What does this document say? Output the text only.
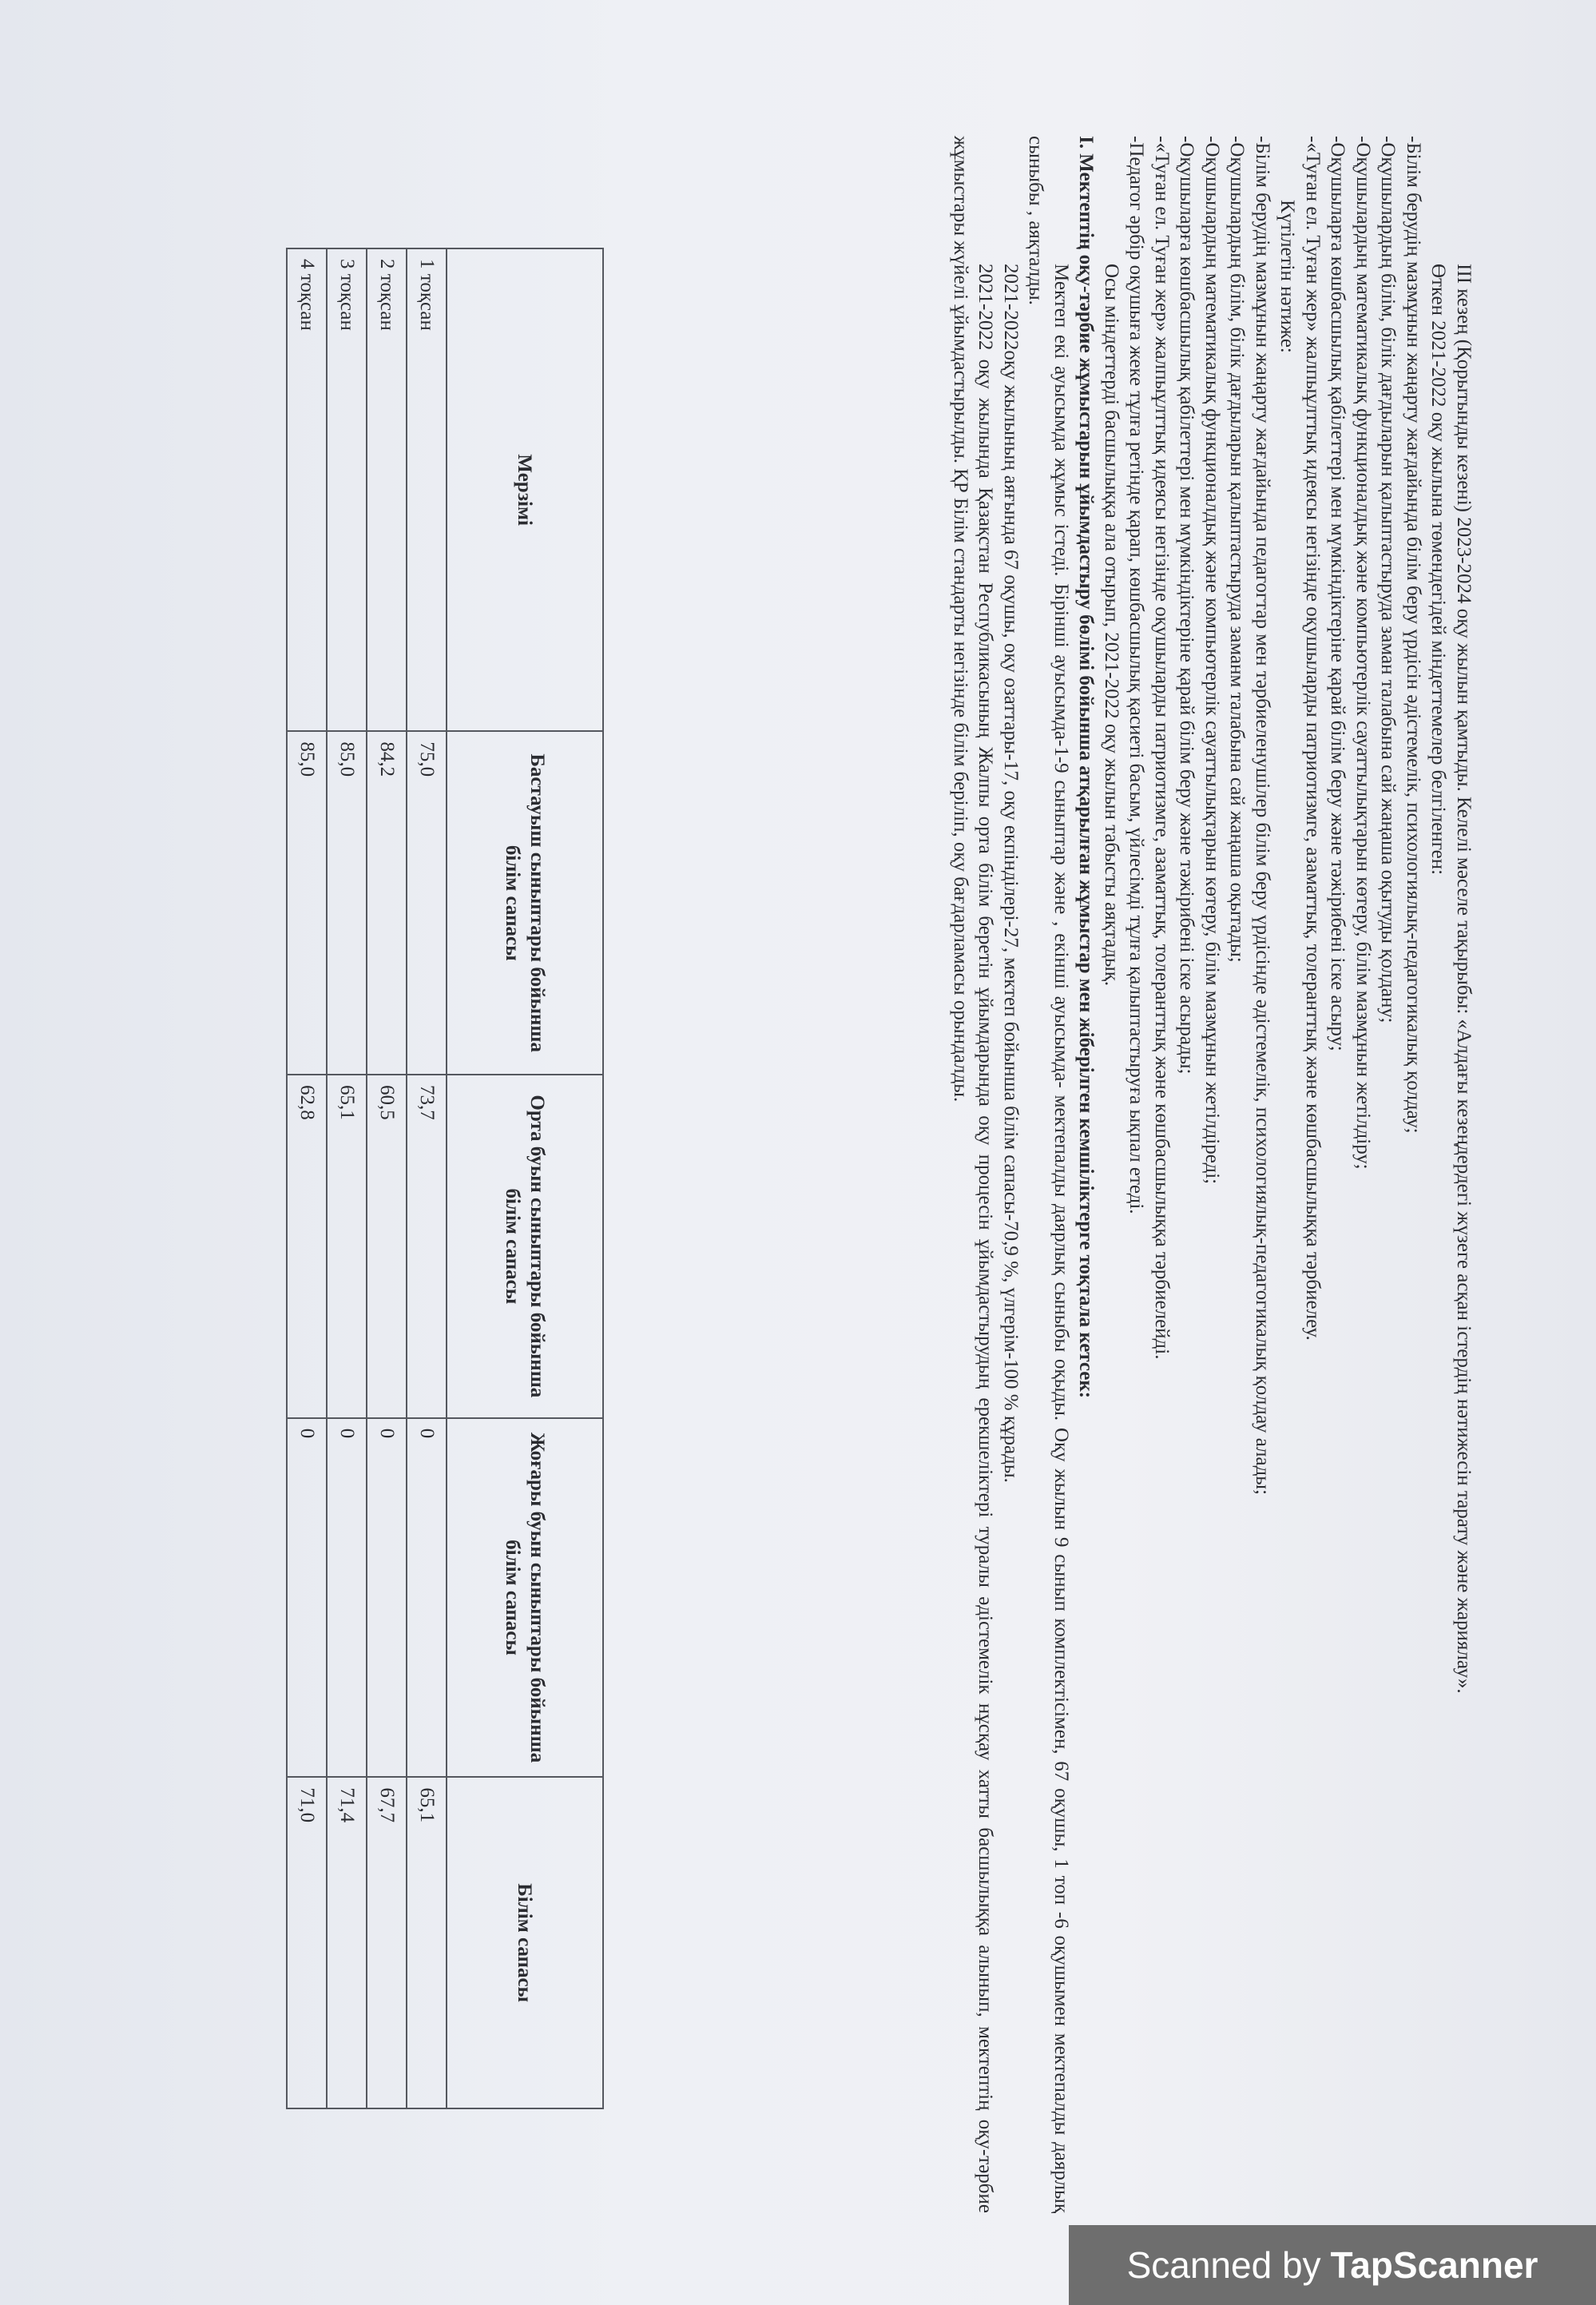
ІІІ кезең (Қорытынды кезені) 2023-2024 оқу жылын қамтыды. Келелі мәселе тақырыбы: «Алдағы кезеңдердегі жүзеге асқан істердің нәтижесін тарату және жариялау».

Өткен 2021-2022 оқу жылына төмендегідей міндеттемелер белгіленген:

-Білім берудің мазмұнын жаңарту жағдайында білім беру үрдісін әдістемелік, психологиялық-педагогикалық қолдау;

-Оқушылардың білім, білік дағдыларын қалыптастыруда заман талабына сай жаңаша оқытуды қолдану;

-Оқушылардың математикалық функционалдық және компьютерлік сауаттылықтарын көтеру, білім мазмұнын жетілдіру;

-Оқушыларға көшбасшылық қабілеттері мен мүмкіндіктеріне қарай білім беру және тәжірибені іске асыру;

-«Туған ел. Туған жер» жалпыұлттық идеясы негізінде оқушыларды патриотизмге, азаматтық, толеранттық және көшбасшылыққа тәрбиелеу.

Күтілетін нәтиже:

-Білім берудің мазмұнын жаңарту жағдайында педагогтар мен тәрбиеленушілер білім беру үрдісінде әдістемелік, психологиялық-педагогикалық қолдау алады;

-Оқушылардың білім, білік дағдыларын қалыптастыруда заманм талабына сай жаңаша оқытады;

-Оқушылардың математикалық функционалдық және компьютерлік сауаттылықтарын көтеру, білім мазмұнын жетілдіреді;

-Оқушыларға көшбасшылық қабілеттері мен мүмкіндіктеріне қарай білім беру және тәжірибені іске асырады;

-«Туған ел. Туған жер» жалпыұлттық идеясы негізінде оқушыларды патриотизмге, азаматтық, толеранттық және көшбасшылыққа тәрбиелейді.

-Педагог әрбір оқушыға жеке тұлға ретінде қарап, көшбасшылық қасиеті басым, үйлесімді тұлға қалыптастыруға ықпал етеді.

Осы міндеттерді басшылыққа ала отырып, 2021-2022 оқу жылын табысты аяқтадық.

І. Мектептің оқу-тәрбие жұмыстарын ұйымдастыру бөлімі бойынша атқарылған жұмыстар мен жіберілген кемшіліктерге тоқтала кетсек:

Мектеп екі ауысымда жұмыс істеді. Бірінші ауысымда-1-9 сыныптар және , екінші ауысымда- мектепалды даярлық сыныбы оқыды. Оқу жылын 9 сынып комплектісімен, 67 оқушы, 1 топ -6 оқушымен мектепалды даярлық сыныбы , аяқталды.

2021-2022оқу жылының аяғында 67 оқушы, оқу озаттары-17, оқу екпінділері-27, мектеп бойынша білім сапасы-70,9 %, үлгерім-100 % құрады.

2021-2022 оқу жылында Қазақстан Республикасының Жалпы орта білім беретін ұйымдарында оқу процесін ұйымдастырудың ерекшеліктері туралы әдістемелік нұсқау хатты басшылыққа алынып, мектептің оқу-тәрбие жұмыстары жүйелі ұйымдастырылды. ҚР Білім стандарты негізінде білім беріліп, оқу бағдарламасы орындалды.

Мерзімі	Бастауыш сыныптары бойынша білім сапасы	Орта буын сыныптары бойынша білім сапасы	Жоғары буын сыныптары бойынша білім сапасы	Білім сапасы
1 тоқсан	75,0	73,7	0	65,1
2 тоқсан	84,2	60,5	0	67,7
3 тоқсан	85,0	65,1	0	71,4
4 тоқсан	85,0	62,8	0	71,0
Scanned by TapScanner
